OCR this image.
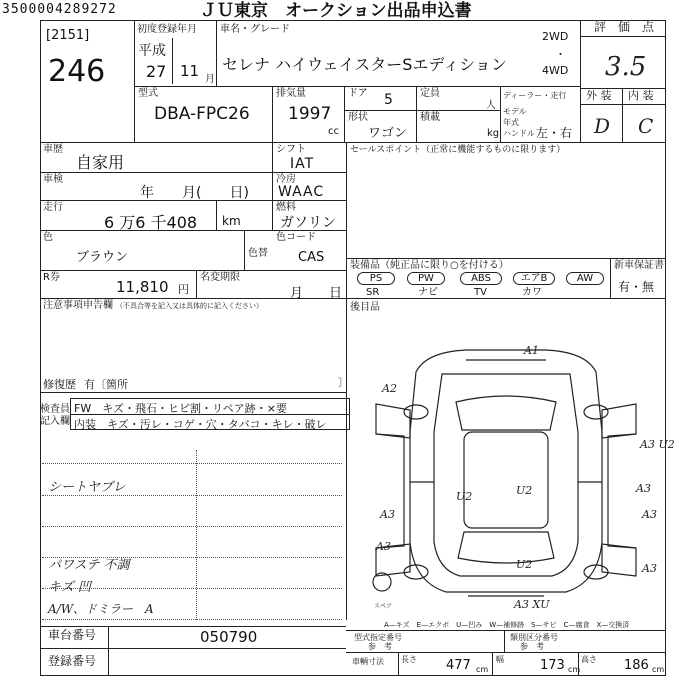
3500004289272	ＪＵ東京　オークション出品申込書
[2151]
246
初度登録年月
平成
27 11 月
車名・グレード
セレナ ハイウェイスターSエディション
2WD
・
4WD
型式
DBA-FPC26
排気量
1997
cc
ドア 5	定員
人
形状
ワゴン
積載
kg
ディーラー・走行
モデル年式
ハンドル 左・右
評　価　点
3.5
外 装 内 装
D C
車歴
自家用
車検
年　　月(　　日)
走行
6 万6 千408 km
色
ブラウン	色替
R券
11,810 円
名変期限
月　　日
シフト
IAT
冷房
WAAC
燃料
ガソリン
色コード
CAS
セールスポイント（正常に機能するものに限ります）
装備品（純正品に限り○を付ける）
PS	PW	ABS	エアB	AW
SR	ナビ	TV	カワ
新車保証書
有・無
後目品
注意事項申告欄 （不具合等を記入又は具体的に記入ください）
修復歴 有〔箇所	〕
検査員
記入欄
FW　キズ・飛石・ヒビ割・リペア跡・×要
内装　キズ・汚レ・コゲ・穴・タバコ・キレ・破レ
シートヤブレ
パワステ 不調
キズ 凹
A/W、ドミラー　A
A1
A2
A3
A3 U2
U2
A3
A3
U2
A3
U2
A3 XU
A3
スペア
A—キズ　E—エクボ　U—凹み　W—補修跡　S—サビ　C—腐食　X—交換済
車台番号	050790
登録番号
型式指定番号
参　考
類別区分番号
参　考
車輌寸法 長さ 477 cm
幅	173 cm
高さ 186 cm
